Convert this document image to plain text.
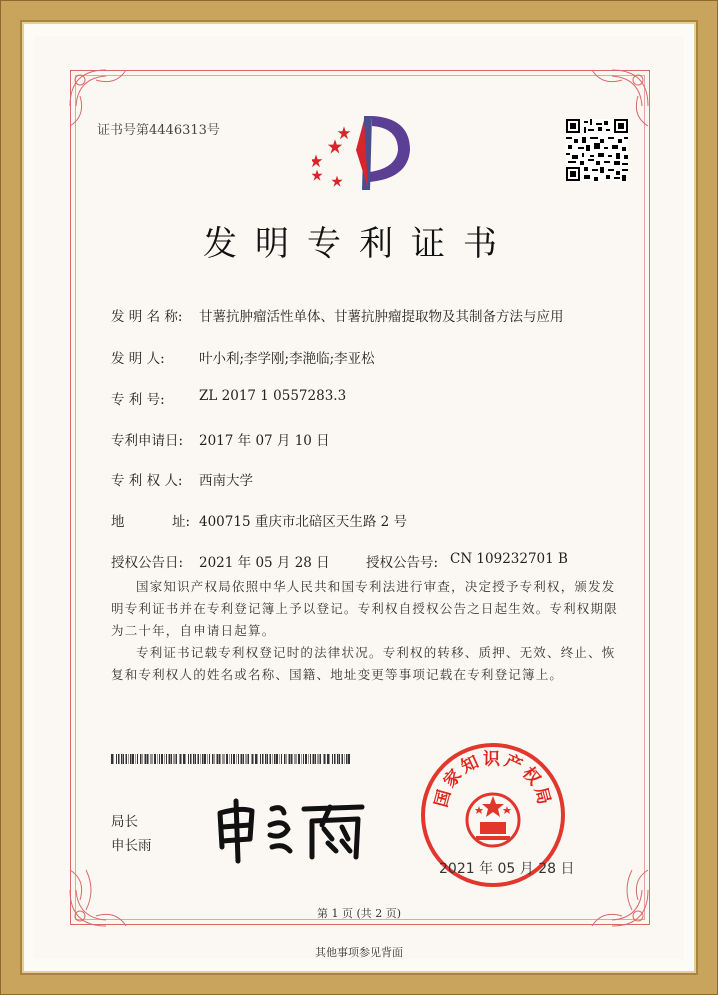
证书号第4446313号
发明专利证书
发 明 名 称: 甘薯抗肿瘤活性单体、甘薯抗肿瘤提取物及其制备方法与应用
发 明 人:	叶小利;李学刚;李滟临;李亚松
专 利 号:	ZL 2017 1 0557283.3
专利申请日: 2017 年 07 月 10 日
专 利 权 人: 西南大学
地	址: 400715 重庆市北碚区天生路 2 号
授权公告日: 2021 年 05 月 28 日	授权公告号: CN 109232701 B
国家知识产权局依照中华人民共和国专利法进行审查，决定授予专利权，颁发发明专利证书并在专利登记簿上予以登记。专利权自授权公告之日起生效。专利权期限为二十年，自申请日起算。
专利证书记载专利权登记时的法律状况。专利权的转移、质押、无效、终止、恢复和专利权人的姓名或名称、国籍、地址变更等事项记载在专利登记簿上。
局长
申长雨
国家知识产权局
2021 年 05 月 28 日
第 1 页 (共 2 页)
其他事项参见背面
